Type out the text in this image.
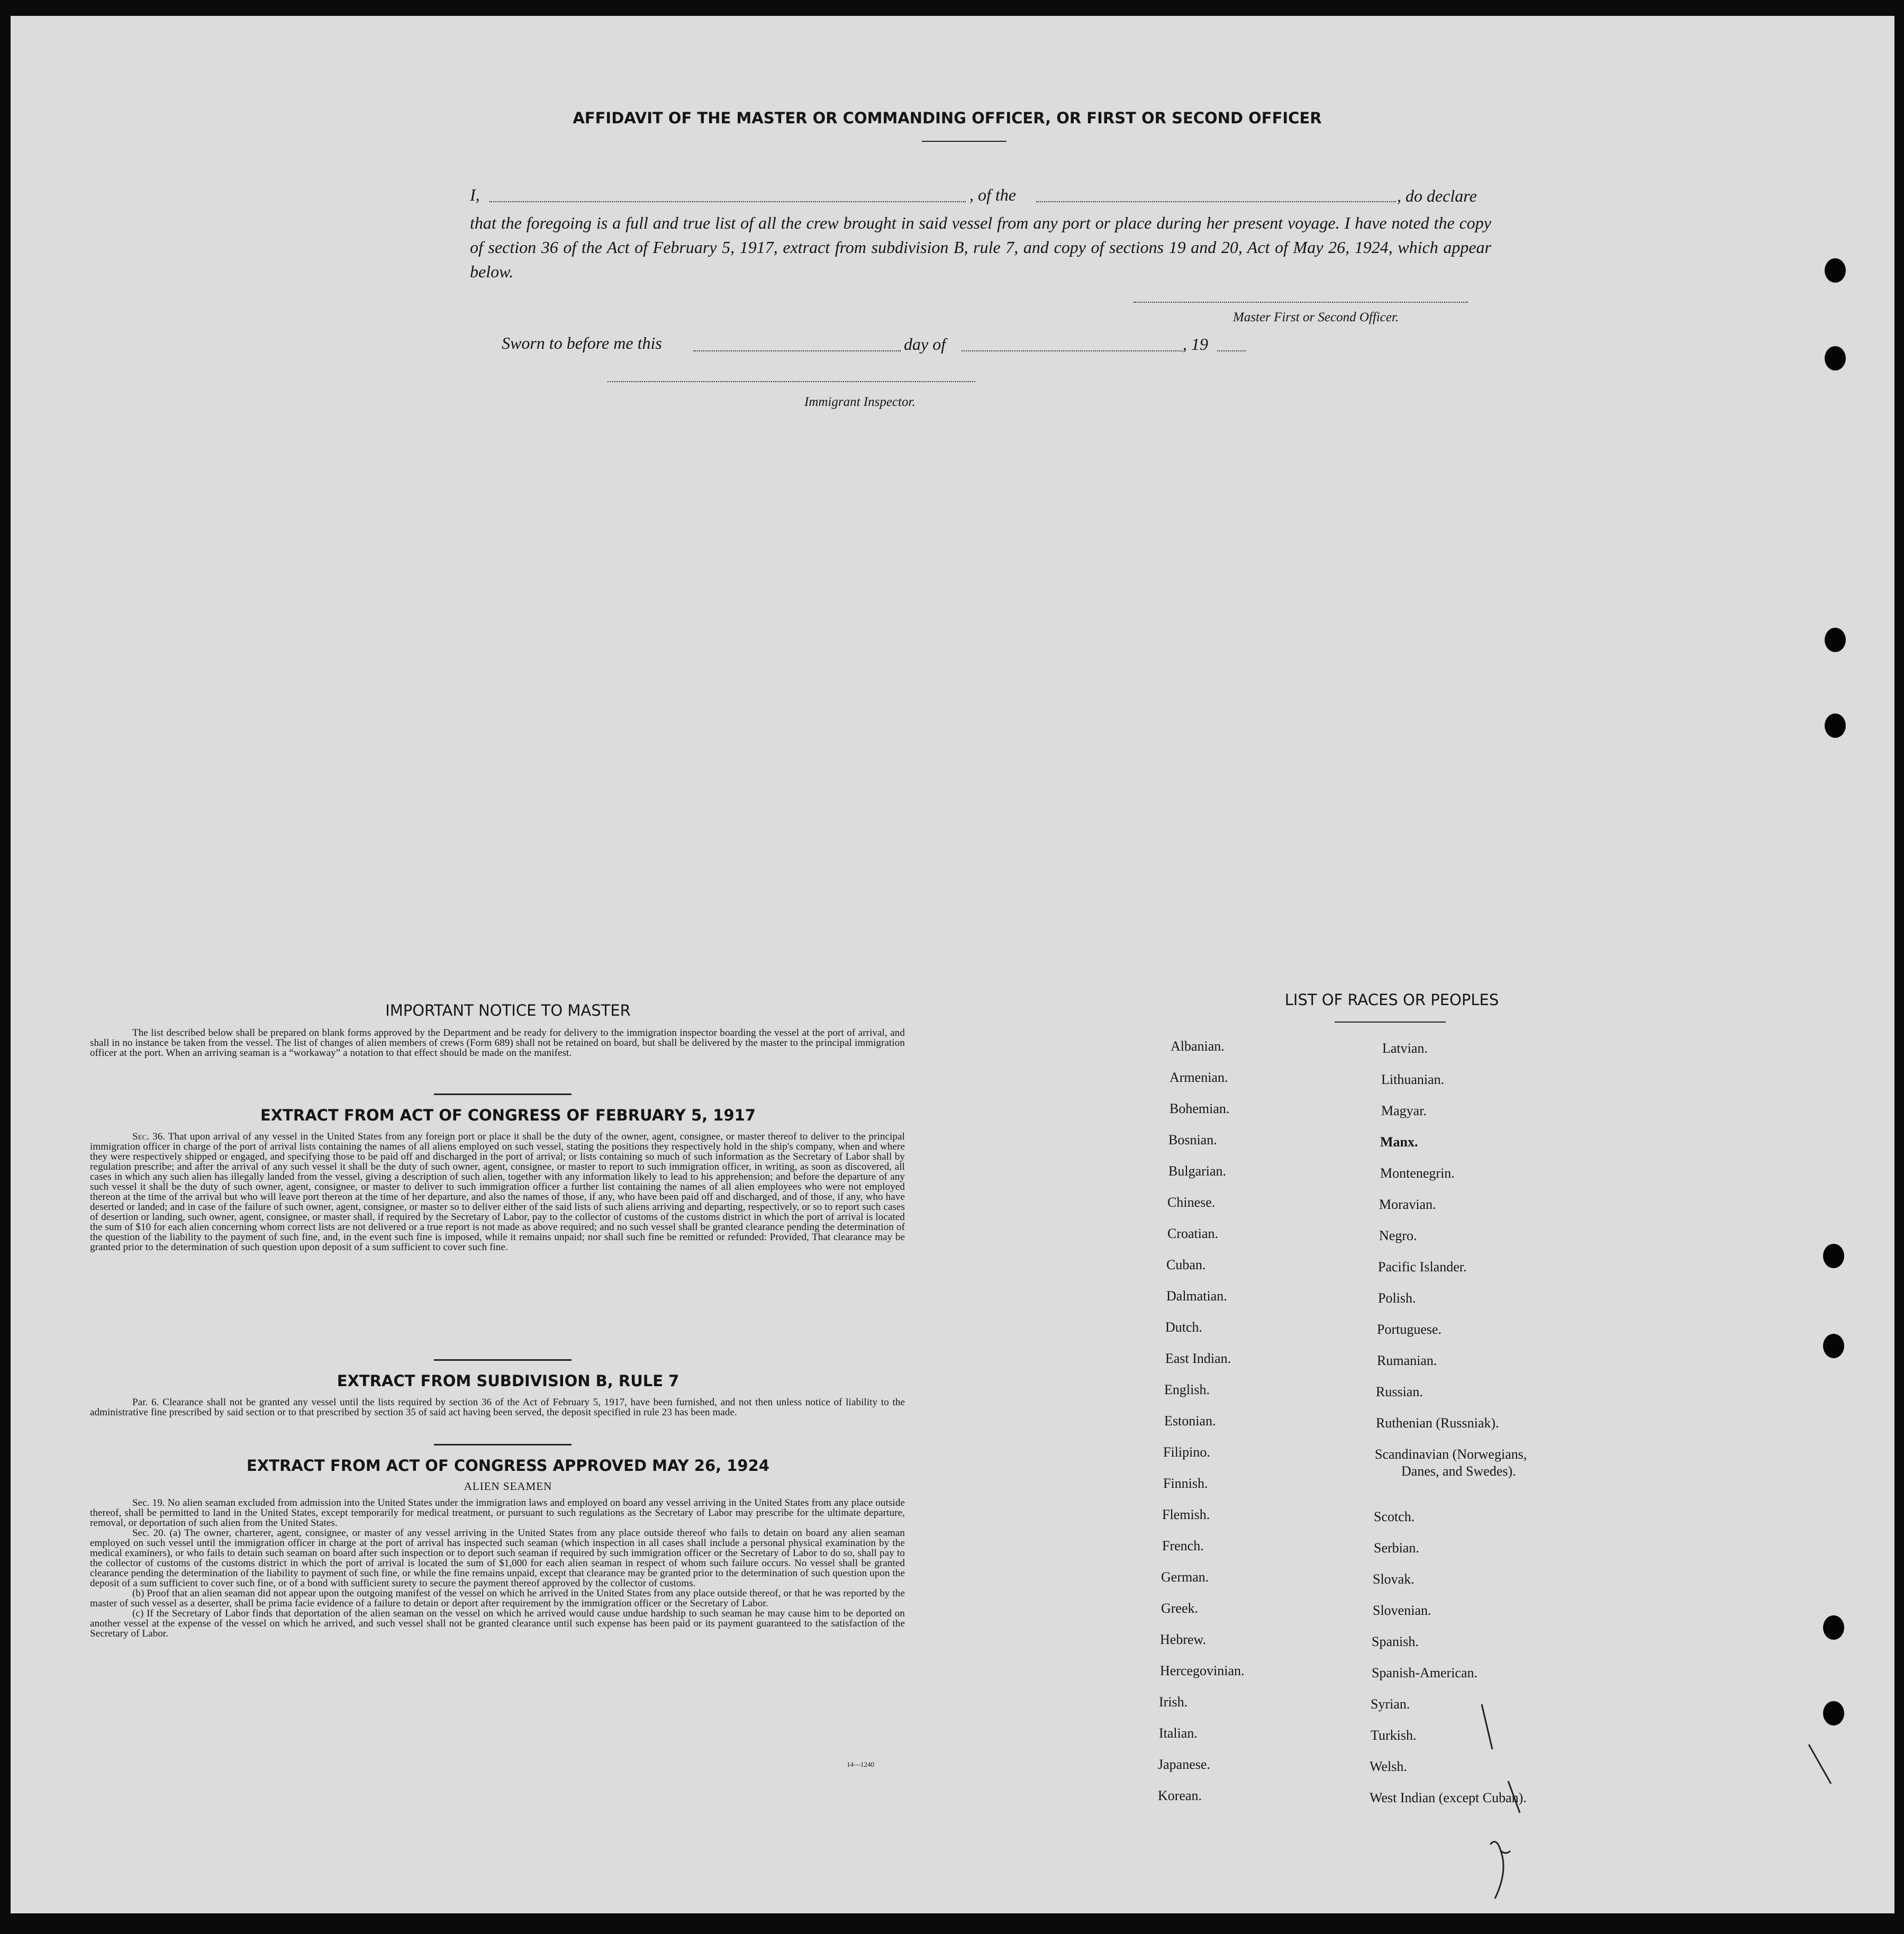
AFFIDAVIT OF THE MASTER OR COMMANDING OFFICER, OR FIRST OR SECOND OFFICER
I,	, of the	, do declare
that the foregoing is a full and true list of all the crew brought in said vessel from any port or place during her present voyage. I have noted the copy of section 36 of the Act of February 5, 1917, extract from subdivision B, rule 7, and copy of sections 19 and 20, Act of May 26, 1924, which appear below.
Master First or Second Officer.
Sworn to before me this	day of	, 19
Immigrant Inspector.
IMPORTANT NOTICE TO MASTER
The list described below shall be prepared on blank forms approved by the Department and be ready for delivery to the immigration inspector boarding the vessel at the port of arrival, and shall in no instance be taken from the vessel. The list of changes of alien members of crews (Form 689) shall not be retained on board, but shall be delivered by the master to the principal immigration officer at the port. When an arriving seaman is a “workaway” a notation to that effect should be made on the manifest.
EXTRACT FROM ACT OF CONGRESS OF FEBRUARY 5, 1917
Sec. 36. That upon arrival of any vessel in the United States from any foreign port or place it shall be the duty of the owner, agent, consignee, or master thereof to deliver to the principal immigration officer in charge of the port of arrival lists containing the names of all aliens employed on such vessel, stating the positions they respectively hold in the ship's company, when and where they were respectively shipped or engaged, and specifying those to be paid off and discharged in the port of arrival; or lists containing so much of such information as the Secretary of Labor shall by regulation prescribe; and after the arrival of any such vessel it shall be the duty of such owner, agent, consignee, or master to report to such immigration officer, in writing, as soon as discovered, all cases in which any such alien has illegally landed from the vessel, giving a description of such alien, together with any information likely to lead to his apprehension; and before the departure of any such vessel it shall be the duty of such owner, agent, consignee, or master to deliver to such immigration officer a further list containing the names of all alien employees who were not employed thereon at the time of the arrival but who will leave port thereon at the time of her departure, and also the names of those, if any, who have been paid off and discharged, and of those, if any, who have deserted or landed; and in case of the failure of such owner, agent, consignee, or master so to deliver either of the said lists of such aliens arriving and departing, respectively, or so to report such cases of desertion or landing, such owner, agent, consignee, or master shall, if required by the Secretary of Labor, pay to the collector of customs of the customs district in which the port of arrival is located the sum of $10 for each alien concerning whom correct lists are not delivered or a true report is not made as above required; and no such vessel shall be granted clearance pending the determination of the question of the liability to the payment of such fine, and, in the event such fine is imposed, while it remains unpaid; nor shall such fine be remitted or refunded: Provided, That clearance may be granted prior to the determination of such question upon deposit of a sum sufficient to cover such fine.
EXTRACT FROM SUBDIVISION B, RULE 7
Par. 6. Clearance shall not be granted any vessel until the lists required by section 36 of the Act of February 5, 1917, have been furnished, and not then unless notice of liability to the administrative fine prescribed by said section or to that prescribed by section 35 of said act having been served, the deposit specified in rule 23 has been made.
EXTRACT FROM ACT OF CONGRESS APPROVED MAY 26, 1924
ALIEN SEAMEN
Sec. 19. No alien seaman excluded from admission into the United States under the immigration laws and employed on board any vessel arriving in the United States from any place outside thereof, shall be permitted to land in the United States, except temporarily for medical treatment, or pursuant to such regulations as the Secretary of Labor may prescribe for the ultimate departure, removal, or deportation of such alien from the United States.
Sec. 20. (a) The owner, charterer, agent, consignee, or master of any vessel arriving in the United States from any place outside thereof who fails to detain on board any alien seaman employed on such vessel until the immigration officer in charge at the port of arrival has inspected such seaman (which inspection in all cases shall include a personal physical examination by the medical examiners), or who fails to detain such seaman on board after such inspection or to deport such seaman if required by such immigration officer or the Secretary of Labor to do so, shall pay to the collector of customs of the customs district in which the port of arrival is located the sum of $1,000 for each alien seaman in respect of whom such failure occurs. No vessel shall be granted clearance pending the determination of the liability to payment of such fine, or while the fine remains unpaid, except that clearance may be granted prior to the determination of such question upon the deposit of a sum sufficient to cover such fine, or of a bond with sufficient surety to secure the payment thereof approved by the collector of customs.
(b) Proof that an alien seaman did not appear upon the outgoing manifest of the vessel on which he arrived in the United States from any place outside thereof, or that he was reported by the master of such vessel as a deserter, shall be prima facie evidence of a failure to detain or deport after requirement by the immigration officer or the Secretary of Labor.
(c) If the Secretary of Labor finds that deportation of the alien seaman on the vessel on which he arrived would cause undue hardship to such seaman he may cause him to be deported on another vessel at the expense of the vessel on which he arrived, and such vessel shall not be granted clearance until such expense has been paid or its payment guaranteed to the satisfaction of the Secretary of Labor.
14—1240
LIST OF RACES OR PEOPLES
Albanian.
Armenian.
Bohemian.
Bosnian.
Bulgarian.
Chinese.
Croatian.
Cuban.
Dalmatian.
Dutch.
East Indian.
English.
Estonian.
Filipino.
Finnish.
Flemish.
French.
German.
Greek.
Hebrew.
Hercegovinian.
Irish.
Italian.
Japanese.
Korean.
Latvian.
Lithuanian.
Magyar.
Manx.
Montenegrin.
Moravian.
Negro.
Pacific Islander.
Polish.
Portuguese.
Rumanian.
Russian.
Ruthenian (Russniak).
Scandinavian (Norwegians,
Danes, and Swedes).
Scotch.
Serbian.
Slovak.
Slovenian.
Spanish.
Spanish-American.
Syrian.
Turkish.
Welsh.
West Indian (except Cuban).
